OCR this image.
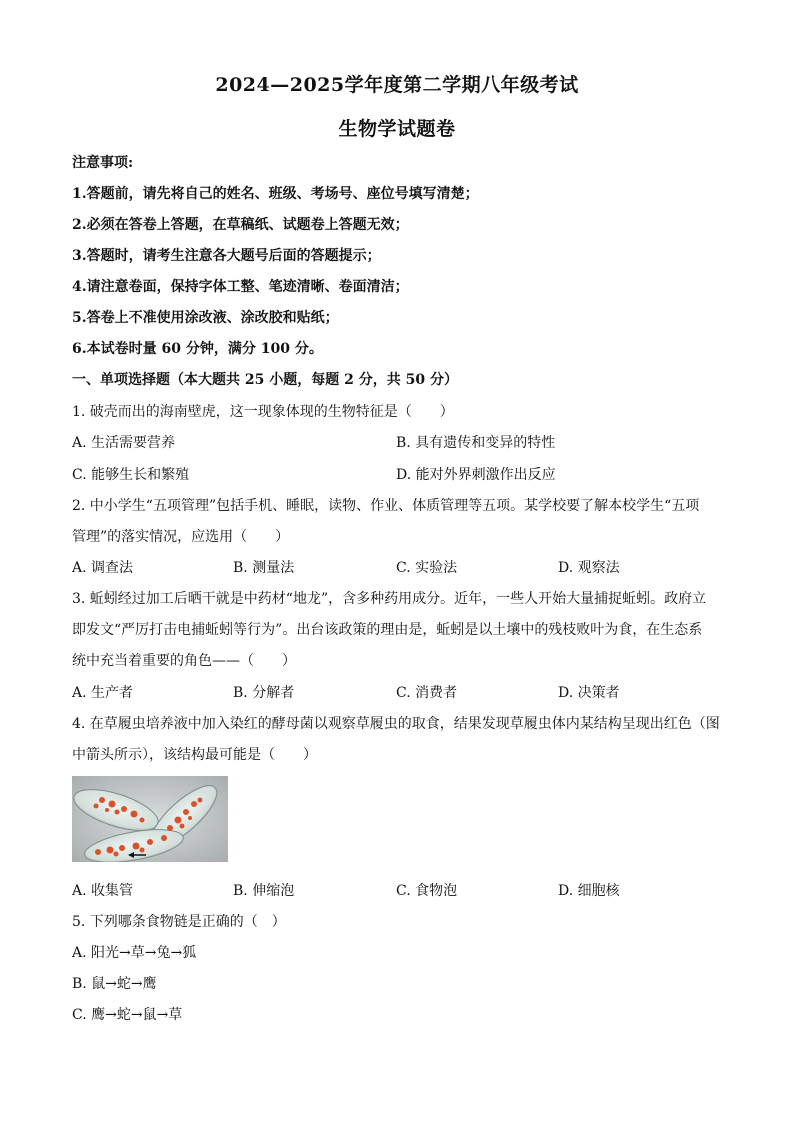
2024—2025学年度第二学期八年级考试
生物学试题卷
注意事项:
1.答题前，请先将自己的姓名、班级、考场号、座位号填写清楚；
2.必须在答卷上答题，在草稿纸、试题卷上答题无效；
3.答题时，请考生注意各大题号后面的答题提示；
4.请注意卷面，保持字体工整、笔迹清晰、卷面清洁；
5.答卷上不准使用涂改液、涂改胶和贴纸；
6.本试卷时量 60 分钟，满分 100 分。
一、单项选择题（本大题共 25 小题，每题 2 分，共 50 分）
1. 破壳而出的海南壁虎，这一现象体现的生物特征是（　　）
A. 生活需要营养	B. 具有遗传和变异的特性
C. 能够生长和繁殖	D. 能对外界刺激作出反应
2. 中小学生“五项管理”包括手机、睡眠，读物、作业、体质管理等五项。某学校要了解本校学生“五项
管理”的落实情况，应选用（　　）
A. 调查法	B. 测量法	C. 实验法	D. 观察法
3. 蚯蚓经过加工后晒干就是中药材“地龙”，含多种药用成分。近年，一些人开始大量捕捉蚯蚓。政府立
即发文“严厉打击电捕蚯蚓等行为”。出台该政策的理由是，蚯蚓是以土壤中的残枝败叶为食，在生态系
统中充当着重要的角色——（　　）
A. 生产者	B. 分解者	C. 消费者	D. 决策者
4. 在草履虫培养液中加入染红的酵母菌以观察草履虫的取食，结果发现草履虫体内某结构呈现出红色（图
中箭头所示），该结构最可能是（　　）
A. 收集管	B. 伸缩泡	C. 食物泡	D. 细胞核
5. 下列哪条食物链是正确的（　）
A. 阳光→草→兔→狐
B. 鼠→蛇→鹰
C. 鹰→蛇→鼠→草
